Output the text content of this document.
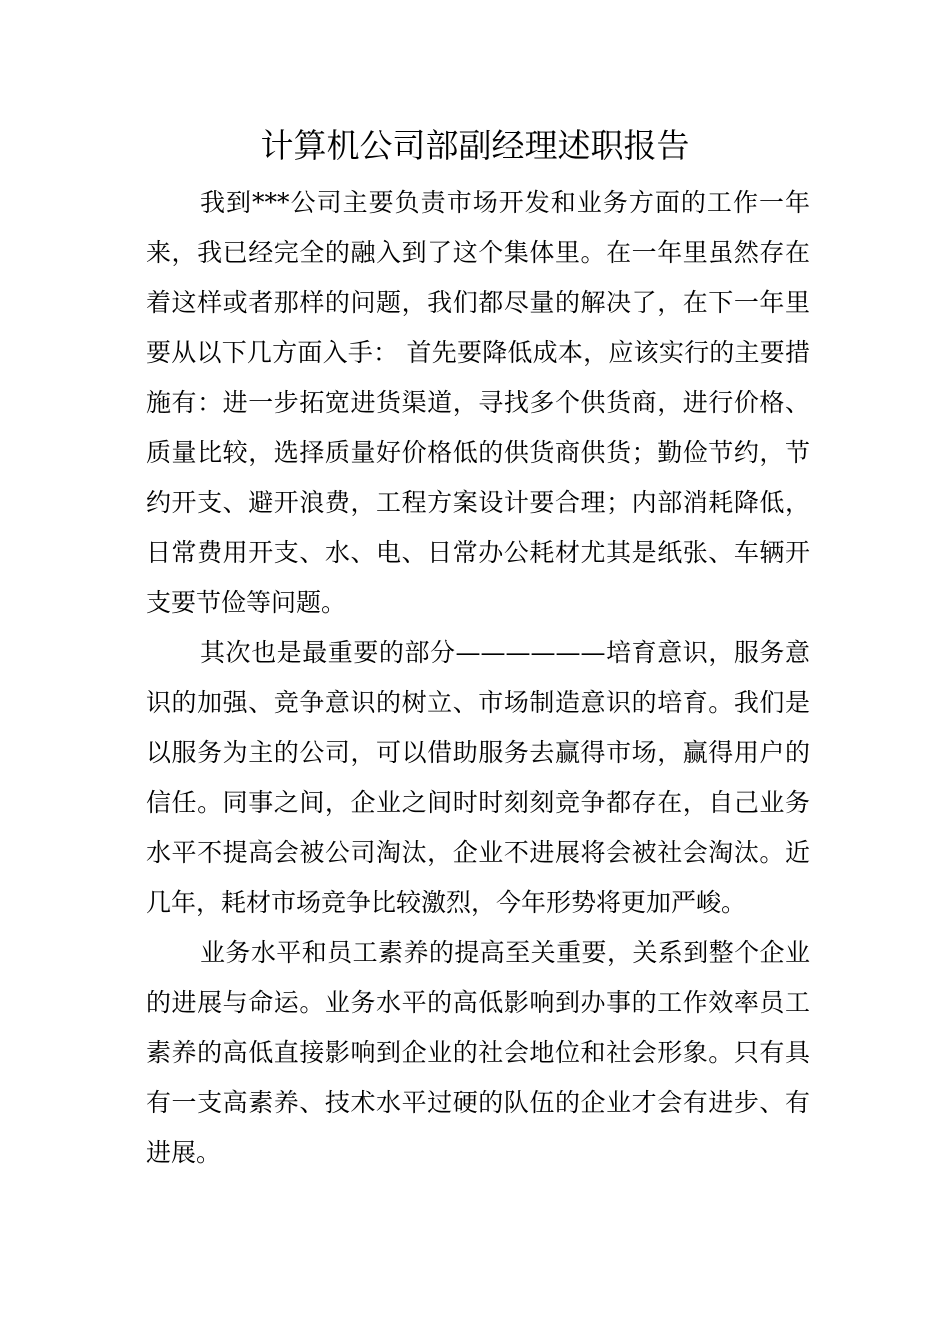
计算机公司部副经理述职报告

我到***公司主要负责市场开发和业务方面的工作一年来，我已经完全的融入到了这个集体里。在一年里虽然存在着这样或者那样的问题，我们都尽量的解决了，在下一年里要从以下几方面入手： 首先要降低成本，应该实行的主要措施有：进一步拓宽进货渠道，寻找多个供货商，进行价格、质量比较，选择质量好价格低的供货商供货；勤俭节约，节约开支、避开浪费，工程方案设计要合理；内部消耗降低，日常费用开支、水、电、日常办公耗材尤其是纸张、车辆开支要节俭等问题。

其次也是最重要的部分——————培育意识，服务意识的加强、竞争意识的树立、市场制造意识的培育。我们是以服务为主的公司，可以借助服务去赢得市场，赢得用户的信任。同事之间，企业之间时时刻刻竞争都存在，自己业务水平不提高会被公司淘汰，企业不进展将会被社会淘汰。近几年，耗材市场竞争比较激烈，今年形势将更加严峻。

业务水平和员工素养的提高至关重要，关系到整个企业的进展与命运。业务水平的高低影响到办事的工作效率员工素养的高低直接影响到企业的社会地位和社会形象。只有具有一支高素养、技术水平过硬的队伍的企业才会有进步、有进展。
